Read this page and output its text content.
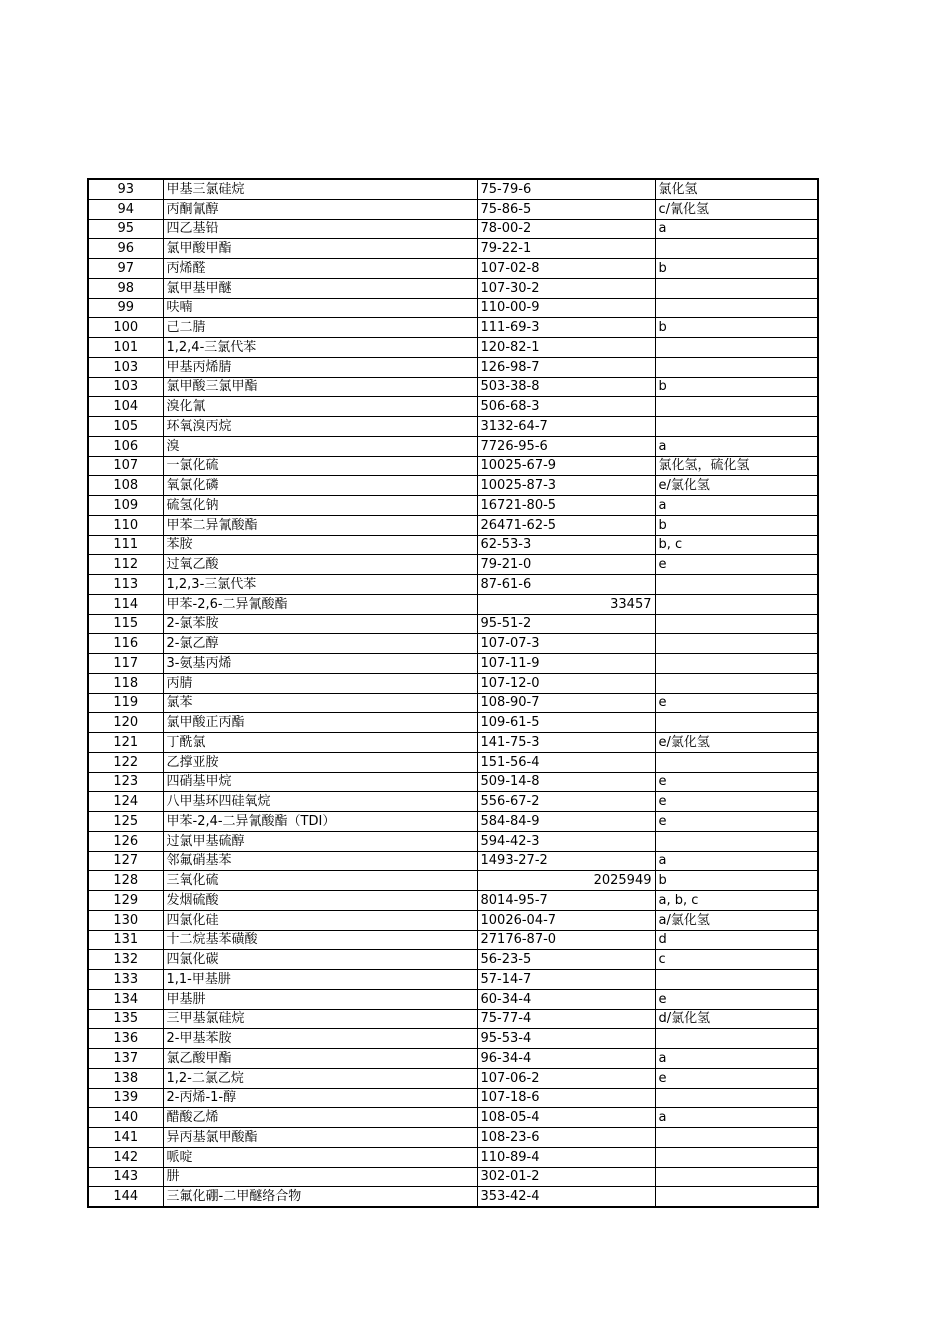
93	甲基三氯硅烷	75-79-6	氯化氢
94	丙酮氰醇	75-86-5	c/氰化氢
95	四乙基铅	78-00-2	a
96	氯甲酸甲酯	79-22-1	
97	丙烯醛	107-02-8	b
98	氯甲基甲醚	107-30-2	
99	呋喃	110-00-9	
100	己二腈	111-69-3	b
101	1,2,4-三氯代苯	120-82-1	
103	甲基丙烯腈	126-98-7	
103	氯甲酸三氯甲酯	503-38-8	b
104	溴化氰	506-68-3	
105	环氧溴丙烷	3132-64-7	
106	溴	7726-95-6	a
107	一氯化硫	10025-67-9	氯化氢，硫化氢
108	氧氯化磷	10025-87-3	e/氯化氢
109	硫氢化钠	16721-80-5	a
110	甲苯二异氰酸酯	26471-62-5	b
111	苯胺	62-53-3	b, c
112	过氧乙酸	79-21-0	e
113	1,2,3-三氯代苯	87-61-6	
114	甲苯-2,6-二异氰酸酯	33457	
115	2-氯苯胺	95-51-2	
116	2-氯乙醇	107-07-3	
117	3-氨基丙烯	107-11-9	
118	丙腈	107-12-0	
119	氯苯	108-90-7	e
120	氯甲酸正丙酯	109-61-5	
121	丁酰氯	141-75-3	e/氯化氢
122	乙撑亚胺	151-56-4	
123	四硝基甲烷	509-14-8	e
124	八甲基环四硅氧烷	556-67-2	e
125	甲苯-2,4-二异氰酸酯（TDI）	584-84-9	e
126	过氯甲基硫醇	594-42-3	
127	邻氟硝基苯	1493-27-2	a
128	三氧化硫	2025949	b
129	发烟硫酸	8014-95-7	a, b, c
130	四氯化硅	10026-04-7	a/氯化氢
131	十二烷基苯磺酸	27176-87-0	d
132	四氯化碳	56-23-5	c
133	1,1-甲基肼	57-14-7	
134	甲基肼	60-34-4	e
135	三甲基氯硅烷	75-77-4	d/氯化氢
136	2-甲基苯胺	95-53-4	
137	氯乙酸甲酯	96-34-4	a
138	1,2-二氯乙烷	107-06-2	e
139	2-丙烯-1-醇	107-18-6	
140	醋酸乙烯	108-05-4	a
141	异丙基氯甲酸酯	108-23-6	
142	哌啶	110-89-4	
143	肼	302-01-2	
144	三氟化硼-二甲醚络合物	353-42-4	
